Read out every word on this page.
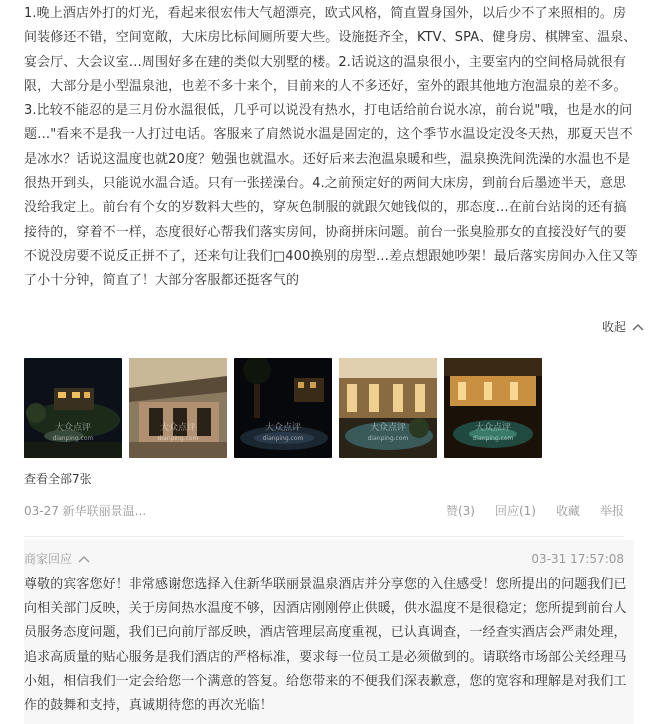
1.晚上酒店外打的灯光，看起来很宏伟大气超漂亮，欧式风格，简直置身国外，以后少不了来照相的。房间装修还不错，空间宽敞，大床房比标间厕所要大些。设施挺齐全，KTV、SPA、健身房、棋牌室、温泉、宴会厅、大会议室…周围好多在建的类似大别墅的楼。2.话说这的温泉很小，主要室内的空间格局就很有限，大部分是小型温泉池，也差不多十来个，目前来的人不多还好，室外的跟其他地方泡温泉的差不多。3.比较不能忍的是三月份水温很低，几乎可以说没有热水，打电话给前台说水凉，前台说"哦，也是水的问题…"看来不是我一人打过电话。客服来了肩然说水温是固定的，这个季节水温设定没冬天热，那夏天岂不是冰水？话说这温度也就20度？勉强也就温水。还好后来去泡温泉暖和些，温泉换洗间洗澡的水温也不是很热开到头，只能说水温合适。只有一张搓澡台。4.之前预定好的两间大床房，到前台后墨迹半天，意思没给我定上。前台有个女的岁数料大些的，穿灰色制服的就跟欠她钱似的，那态度…在前台站岗的还有搞接待的，穿着不一样，态度很好心帮我们落实房间，协商拼床问题。前台一张臭脸那女的直接没好气的要不说没房要不说反正拼不了，还来句让我们□400换别的房型…差点想跟她吵架！最后落实房间办入住又等了小十分钟，简直了！大部分客服都还挺客气的
收起
大众点评
dianping.com
大众点评
dianping.com
大众点评
dianping.com
大众点评
dianping.com
大众点评
dianping.com
查看全部7张
03-27 新华联丽景温...	赞(3) 回应(1) 收藏 举报
商家回应	03-31 17:57:08
尊敬的宾客您好！非常感谢您选择入住新华联丽景温泉酒店并分享您的入住感受！您所提出的问题我们已向相关部门反映，关于房间热水温度不够，因酒店刚刚停止供暖，供水温度不是很稳定；您所提到前台人员服务态度问题，我们已向前厅部反映，酒店管理层高度重视，已认真调查，一经查实酒店会严肃处理，追求高质量的贴心服务是我们酒店的严格标准，要求每一位员工是必须做到的。请联络市场部公关经理马小姐，相信我们一定会给您一个满意的答复。给您带来的不便我们深表歉意，您的宽容和理解是对我们工作的鼓舞和支持，真诚期待您的再次光临！
